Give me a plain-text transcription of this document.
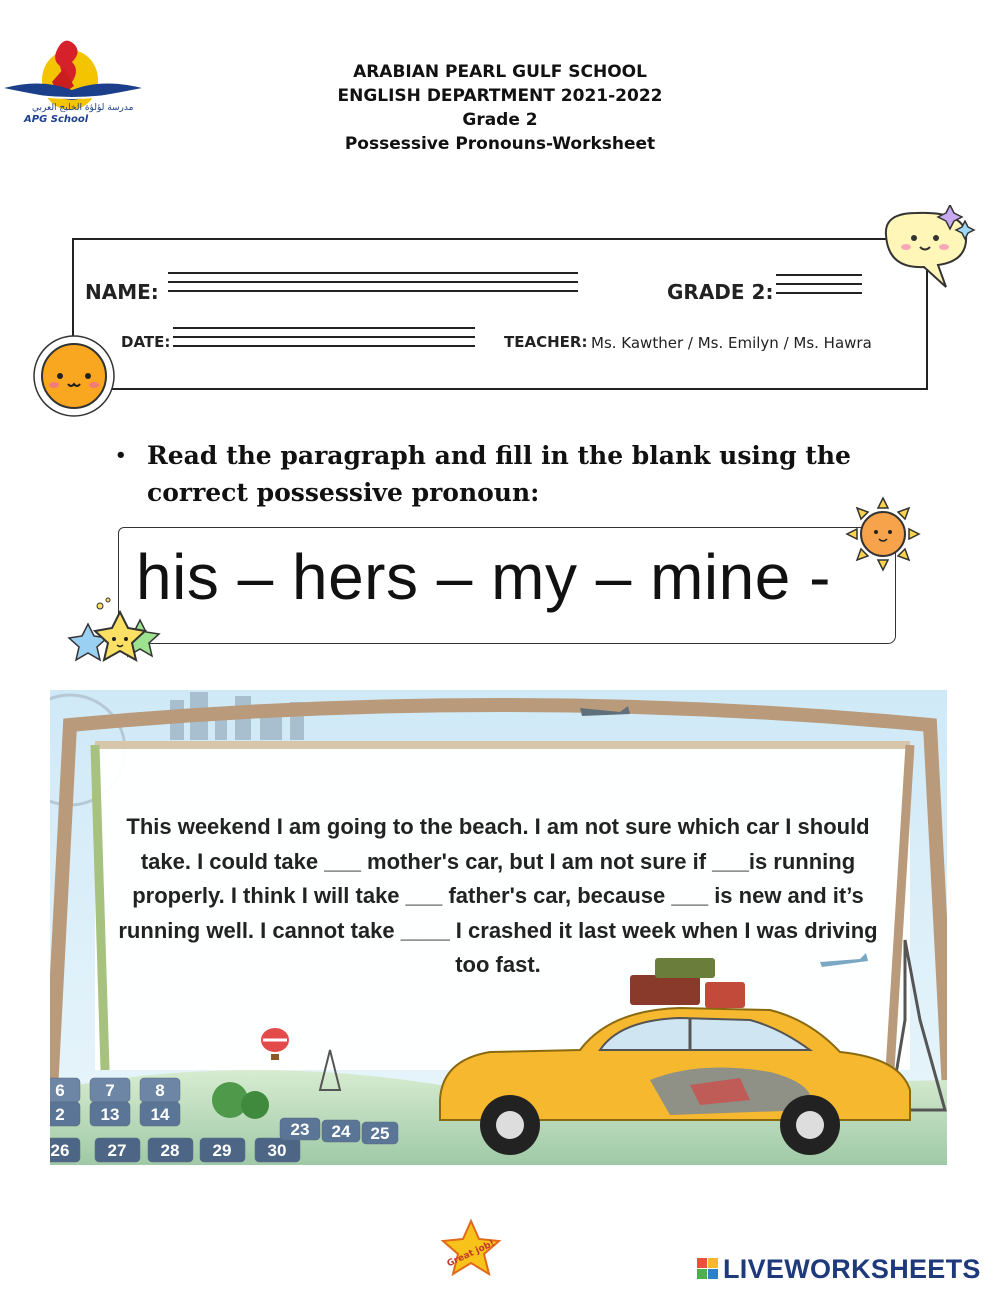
مدرسة لؤلؤة الخليج العربي
APG School
ARABIAN PEARL GULF SCHOOL
ENGLISH DEPARTMENT 2021-2022
Grade 2
Possessive Pronouns-Worksheet
NAME:	GRADE 2:
DATE:	TEACHER: Ms. Kawther / Ms. Emilyn / Ms. Hawra
• Read the paragraph and fill in the blank using the correct possessive pronoun:
his – hers – my – mine -
6 7 8
2 13 14
26 27 28 29 30
23 24 25
This weekend I am going to the beach. I am not sure which car I should take. I could take ___ mother's car, but I am not sure if ___is running properly. I think I will take ___ father's car, because ___ is new and it’s running well. I cannot take ____ I crashed it last week when I was driving too fast.
Great job!	LIVEWORKSHEETS
